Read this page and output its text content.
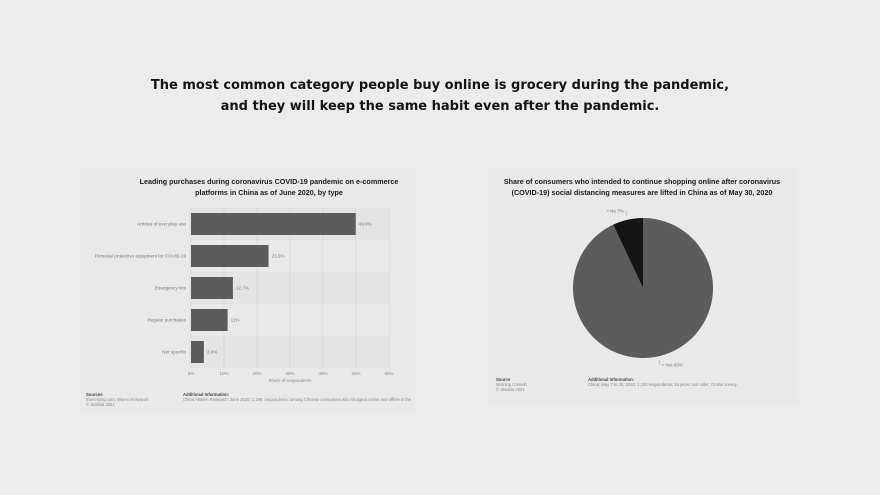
The most common category people buy online is grocery during the pandemic,
and they will keep the same habit even after the pandemic.
Leading purchases during coronavirus COVID-19 pandemic on e-commerce
platforms in China as of June 2020, by type
0%	10%	20%	30%	40%	50%	60%
Share of respondents
Articles of everyday use	49.9%
Personal protective equipment for COVID-19	23.5%
Emergency kits	12.7%
Regular purchases	11%
Not specific	3.9%
Sources
Interesting.com; Waren Research
© Statista 2021
Additional Information:
China; Waren Research; June 2020; 1,196; respondents; among Chinese consumers who shopped online and offline in the
Share of consumers who intended to continue shopping online after coronavirus
(COVID-19) social distancing measures are lifted in China as of May 30, 2020
• Yes 93%
• No 7%
Source
Morning Consult
© Statista 2021
Additional Information:
China; May 7 to 30, 2020; 1,180 respondents; 18 years and older; Online survey
